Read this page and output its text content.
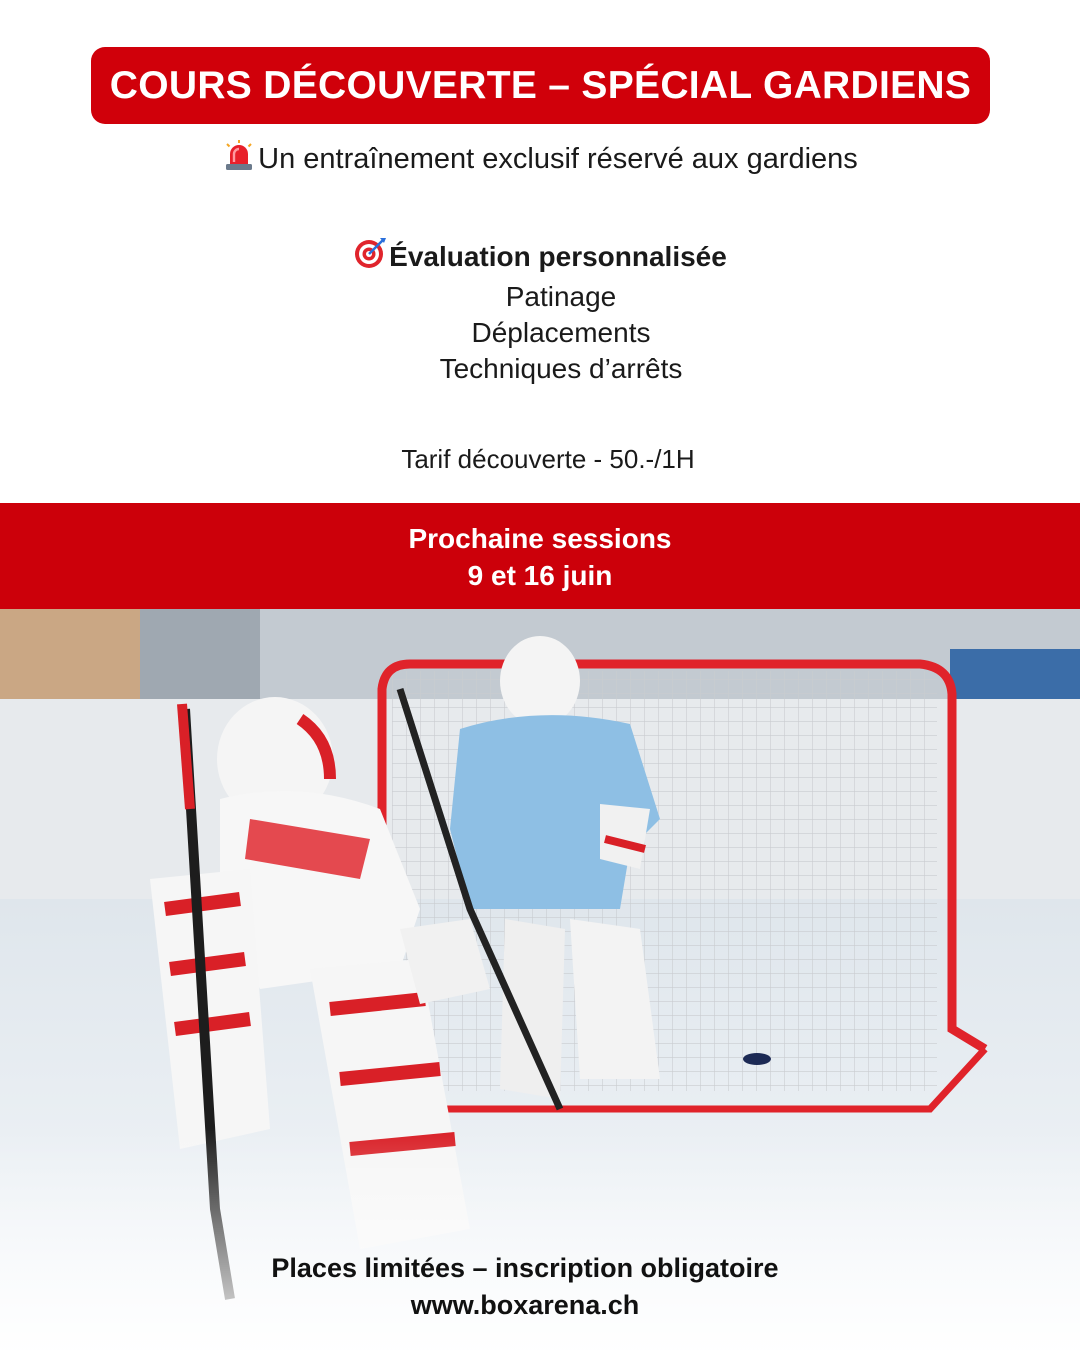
COURS DÉCOUVERTE – SPÉCIAL GARDIENS
Un entraînement exclusif réservé aux gardiens
Évaluation personnalisée
Patinage
Déplacements
Techniques d’arrêts
Tarif découverte - 50.-/1H
Prochaine sessions
9 et 16 juin
Places limitées – inscription obligatoire
www.boxarena.ch
